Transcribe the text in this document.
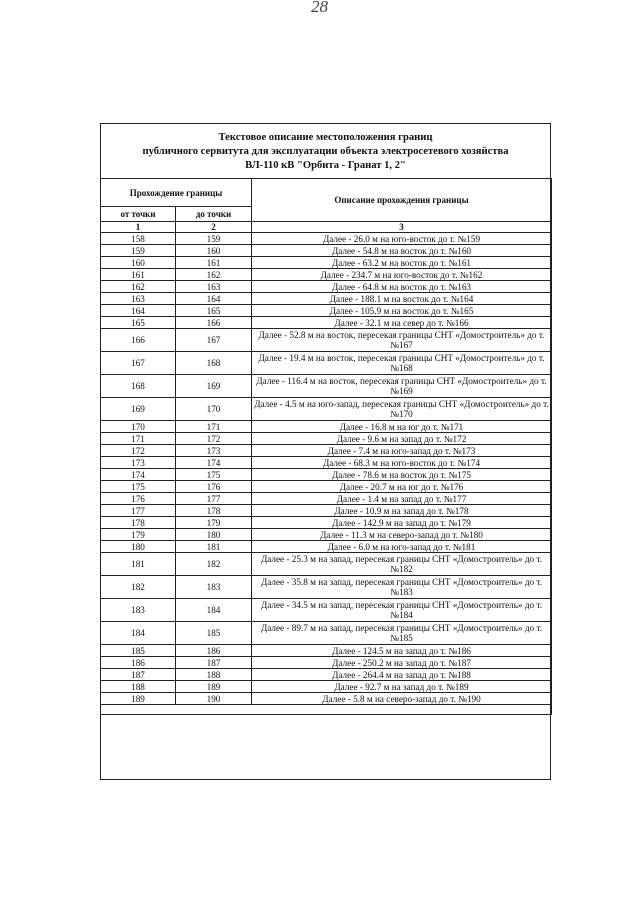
28
Текстовое описание местоположения границ
публичного сервитута для эксплуатации объекта электросетевого хозяйства
ВЛ-110 кВ "Орбита - Гранат 1, 2"
Прохождение границы		Описание прохождения границы
от точки	до точки	
1	2	3
158	159	Далее - 26.0 м на юго-восток до т. №159
159	160	Далее - 54.8 м на восток до т. №160
160	161	Далее - 63.2 м на восток до т. №161
161	162	Далее - 234.7 м на юго-восток до т. №162
162	163	Далее - 64.8 м на восток до т. №163
163	164	Далее - 188.1 м на восток до т. №164
164	165	Далее - 105.9 м на восток до т. №165
165	166	Далее - 32.1 м на север до т. №166
166	167	Далее - 52.8 м на восток, пересекая границы СНТ «Домостроитель» до т. №167
167	168	Далее - 19.4 м на восток, пересекая границы СНТ «Домостроитель» до т. №168
168	169	Далее - 116.4 м на восток, пересекая границы СНТ «Домостроитель» до т. №169
169	170	Далее - 4.5 м на юго-запад, пересекая границы СНТ «Домостроитель» до т. №170
170	171	Далее - 16.8 м на юг до т. №171
171	172	Далее - 9.6 м на запад до т. №172
172	173	Далее - 7.4 м на юго-запад до т. №173
173	174	Далее - 68.3 м на юго-восток до т. №174
174	175	Далее - 78.6 м на восток до т. №175
175	176	Далее - 20.7 м на юг до т. №176
176	177	Далее - 1.4 м на запад до т. №177
177	178	Далее - 10.9 м на запад до т. №178
178	179	Далее - 142.9 м на запад до т. №179
179	180	Далее - 11.3 м на северо-запад до т. №180
180	181	Далее - 6.0 м на юго-запад до т. №181
181	182	Далее - 25.3 м на запад, пересекая границы СНТ «Домостроитель» до т. №182
182	183	Далее - 35.8 м на запад, пересекая границы СНТ «Домостроитель» до т. №183
183	184	Далее - 34.5 м на запад, пересекая границы СНТ «Домостроитель» до т. №184
184	185	Далее - 89.7 м на запад, пересекая границы СНТ «Домостроитель» до т. №185
185	186	Далее - 124.5 м на запад до т. №186
186	187	Далее - 250.2 м на запад до т. №187
187	188	Далее - 264.4 м на запад до т. №188
188	189	Далее - 92.7 м на запад до т. №189
189	190	Далее - 5.8 м на северо-запад до т. №190
